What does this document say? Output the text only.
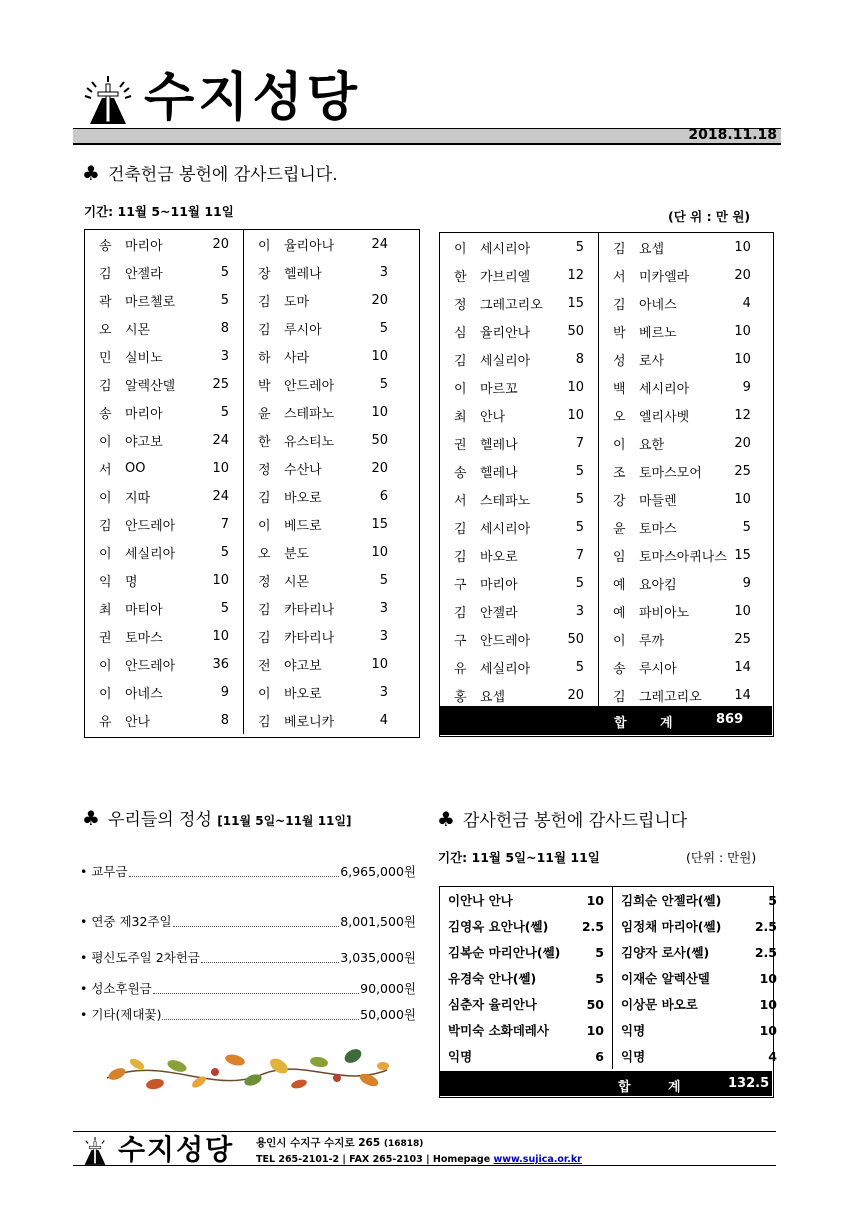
수지성당
2018.11.18
♣ 건축헌금 봉헌에 감사드립니다.
기간: 11월 5~11월 11일	(단 위 : 만 원)
송	마리아	20	이	율리아나	24
김	안젤라	5	장	헬레나	3
곽	마르첼로	5	김	도마	20
오	시몬	8	김	루시아	5
민	실비노	3	하	사라	10
김	알렉산델	25	박	안드레아	5
송	마리아	5	윤	스테파노	10
이	야고보	24	한	유스티노	50
서	OO	10	정	수산나	20
이	지따	24	김	바오로	6
김	안드레아	7	이	베드로	15
이	세실리아	5	오	분도	10
익	명	10	정	시몬	5
최	마티아	5	김	카타리나	3
권	토마스	10	김	카타리나	3
이	안드레아	36	전	야고보	10
이	아네스	9	이	바오로	3
유	안나	8	김	베로니카	4
이	세시리아	5	김	요셉	10
한	가브리엘	12	서	미카엘라	20
정	그레고리오	15	김	아네스	4
심	율리안나	50	박	베르노	10
김	세실리아	8	성	로사	10
이	마르꼬	10	백	세시리아	9
최	안나	10	오	엘리사벳	12
권	헬레나	7	이	요한	20
송	헬레나	5	조	토마스모어	25
서	스테파노	5	강	마들렌	10
김	세시리아	5	윤	토마스	5
김	바오로	7	임	토마스아퀴나스	15
구	마리아	5	예	요아킴	9
김	안젤라	3	예	파비아노	10
구	안드레아	50	이	루까	25
유	세실리아	5	송	루시아	14
홍	요셉	20	김	그레고리오	14
합	계	869
♣ 우리들의 정성 [11월 5일~11월 11일]
• 교무금	6,965,000원
• 연중 제32주일	8,001,500원
• 평신도주일 2차헌금	3,035,000원
• 성소후원금	90,000원
• 기타(제대꽃)	50,000원
♣ 감사헌금 봉헌에 감사드립니다
기간: 11월 5일~11월 11일	(단위 : 만원)
이안나 안나	10	김희순 안젤라(쎌)	5
김영옥 요안나(쎌)	2.5	임정채 마리아(쎌)	2.5
김복순 마리안나(쎌)	5	김양자 로사(쎌)	2.5
유경숙 안나(쎌)	5	이재순 알렉산델	10
심춘자 율리안나	50	이상문 바오로	10
박미숙 소화데레사	10	익명	10
익명	6	익명	4
합	계	132.5
수지성당 용인시 수지구 수지로 265 (16818)
TEL 265-2101-2 | FAX 265-2103 | Homepage www.sujica.or.kr
